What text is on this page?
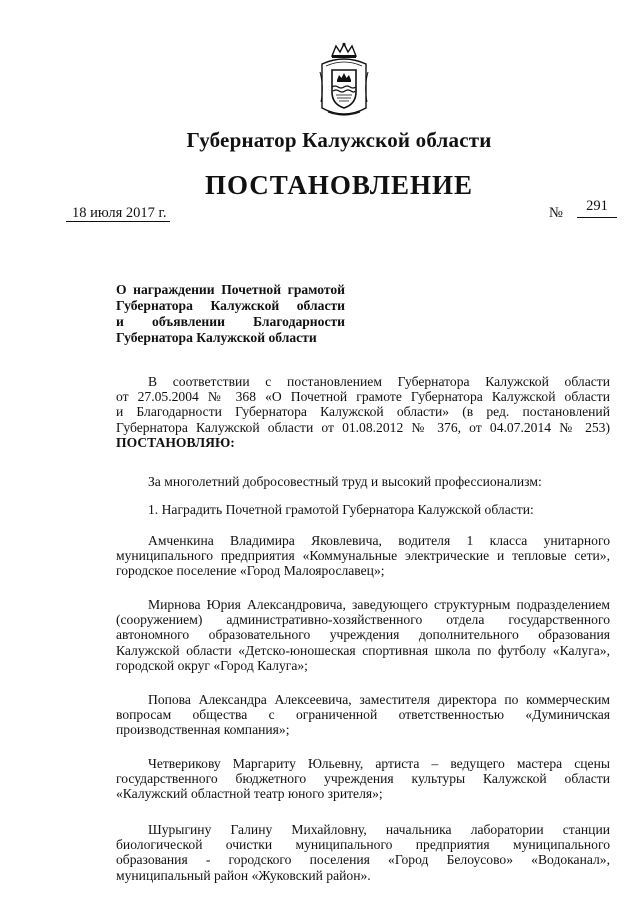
Губернатор Калужской области
ПОСТАНОВЛЕНИЕ
18 июля 2017 г.	№	291
О награждении Почетной грамотой
Губернатора Калужской области
и объявлении Благодарности
Губернатора Калужской области
В соответствии с постановлением Губернатора Калужской области
от 27.05.2004 № 368 «О Почетной грамоте Губернатора Калужской области
и Благодарности Губернатора Калужской области» (в ред. постановлений
Губернатора Калужской области от 01.08.2012 № 376, от 04.07.2014 № 253)
ПОСТАНОВЛЯЮ:
За многолетний добросовестный труд и высокий профессионализм:
1. Наградить Почетной грамотой Губернатора Калужской области:
Амченкина Владимира Яковлевича, водителя 1 класса унитарного
муниципального предприятия «Коммунальные электрические и тепловые сети»,
городское поселение «Город Малоярославец»;
Мирнова Юрия Александровича, заведующего структурным подразделением
(сооружением) административно-хозяйственного отдела государственного
автономного образовательного учреждения дополнительного образования
Калужской области «Детско-юношеская спортивная школа по футболу «Калуга»,
городской округ «Город Калуга»;
Попова Александра Алексеевича, заместителя директора по коммерческим
вопросам общества с ограниченной ответственностью «Думиничская
производственная компания»;
Четверикову Маргариту Юльевну, артиста – ведущего мастера сцены
государственного бюджетного учреждения культуры Калужской области
«Калужский областной театр юного зрителя»;
Шурыгину Галину Михайловну, начальника лаборатории станции
биологической очистки муниципального предприятия муниципального
образования - городского поселения «Город Белоусово» «Водоканал»,
муниципальный район «Жуковский район».
